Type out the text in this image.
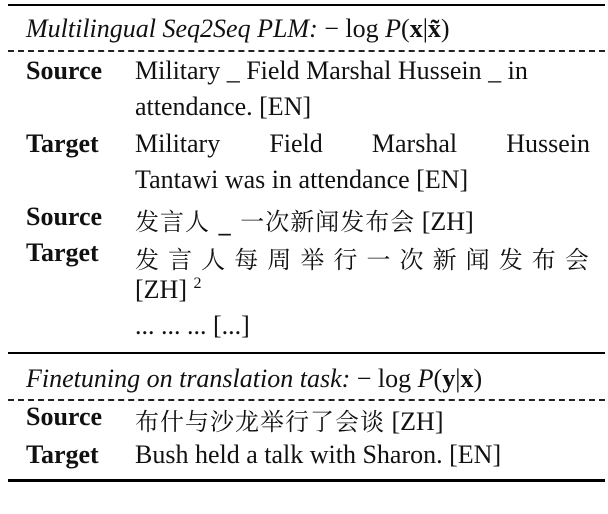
Multilingual Seq2Seq PLM: − log P(x|x̃)
Source Military _ Field Marshal Hussein _ in
attendance. [EN]
Target Military Field Marshal Hussein
Tantawi was in attendance [EN]
Source 发言人 _ 一次新闻发布会 [ZH]
Target 发 言 人 每 周 举 行 一 次 新 闻 发 布 会
[ZH] $^2$
... ... ... [...]
Finetuning on translation task: − log P(y|x)
Source 布什与沙龙举行了会谈 [ZH]
Target Bush held a talk with Sharon. [EN]
